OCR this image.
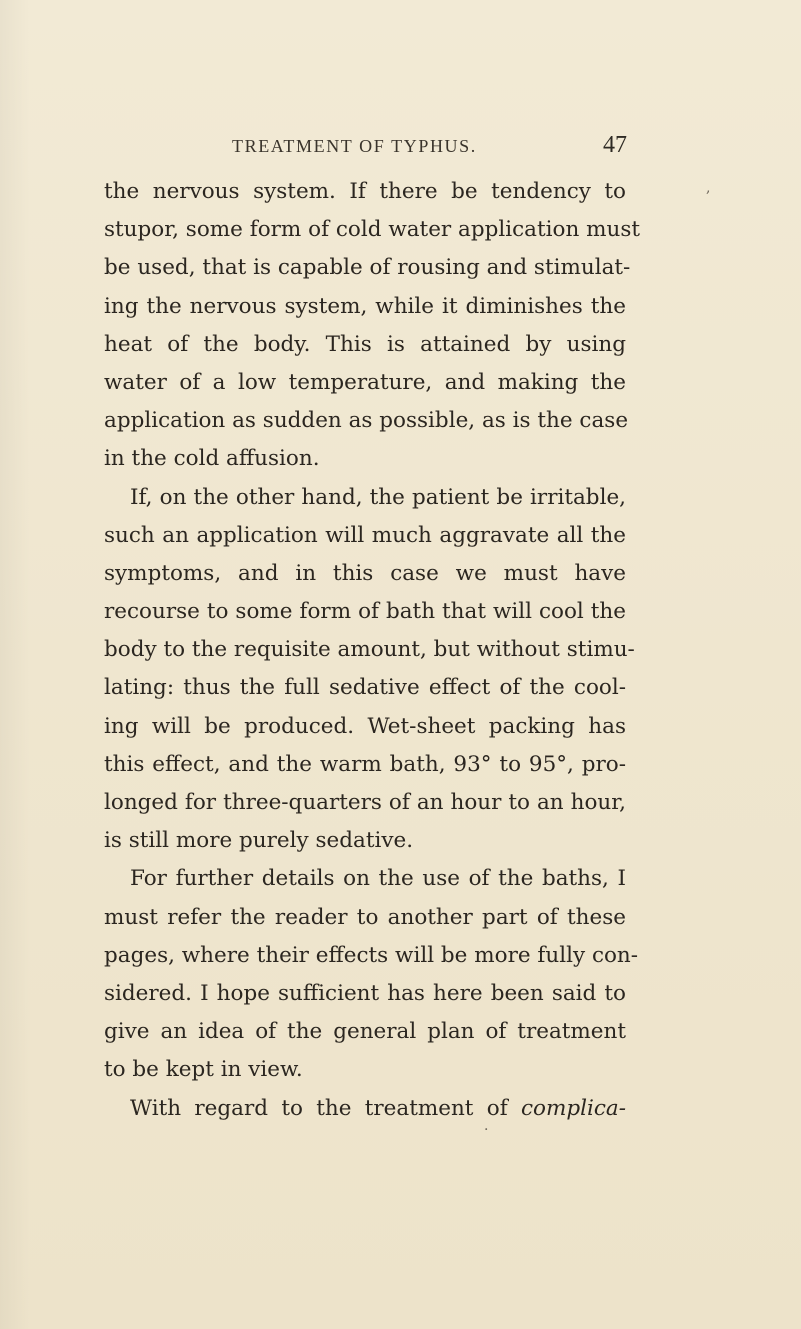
TREATMENT OF TYPHUS.	47
,
·
the nervous system. If there be tendency to
stupor, some form of cold water application must
be used, that is capable of rousing and stimulat-
ing the nervous system, while it diminishes the
heat of the body. This is attained by using
water of a low temperature, and making the
application as sudden as possible, as is the case
in the cold affusion.
If, on the other hand, the patient be irritable,
such an application will much aggravate all the
symptoms, and in this case we must have
recourse to some form of bath that will cool the
body to the requisite amount, but without stimu-
lating: thus the full sedative effect of the cool-
ing will be produced. Wet-sheet packing has
this effect, and the warm bath, 93° to 95°, pro-
longed for three-quarters of an hour to an hour,
is still more purely sedative.
For further details on the use of the baths, I
must refer the reader to another part of these
pages, where their effects will be more fully con-
sidered. I hope sufficient has here been said to
give an idea of the general plan of treatment
to be kept in view.
With regard to the treatment of complica-
